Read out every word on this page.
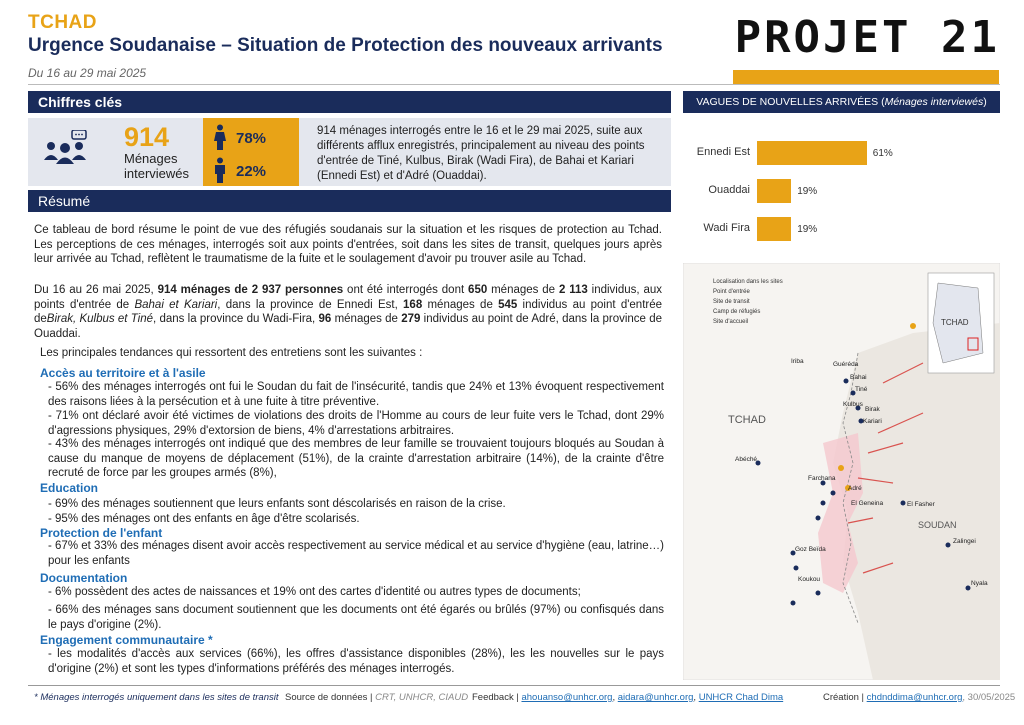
TCHAD
Urgence Soudanaise – Situation de Protection des nouveaux arrivants
Du 16 au 29 mai 2025
PROJET 21
Chiffres clés
914
Ménages interviewés
78%
22%
914 ménages interrogés entre le 16 et le 29 mai 2025, suite aux différents afflux enregistrés, principalement au niveau des points d'entrée de Tiné, Kulbus, Birak (Wadi Fira), de Bahai et Kariari (Ennedi Est) et d'Adré (Ouaddai).
Résumé
Ce tableau de bord résume le point de vue des réfugiés soudanais sur la situation et les risques de protection au Tchad. Les perceptions de ces ménages, interrogés soit aux points d'entrées, soit dans les sites de transit, quelques jours après leur arrivée au Tchad, reflètent le traumatisme de la fuite et le soulagement d'avoir pu trouver asile au Tchad.
Du 16 au 26 mai 2025, 914 ménages de 2 937 personnes ont été interrogés dont 650 ménages de 2 113 individus, aux points d'entrée de Bahai et Kariari, dans la province de Ennedi Est, 168 ménages de 545 individus au point d'entrée deBirak, Kulbus et Tiné, dans la province du Wadi-Fira, 96 ménages de 279 individus au point de Adré, dans la province de Ouaddai.
Les principales tendances qui ressortent des entretiens sont les suivantes :
Accès au territoire et à l'asile
- 56% des ménages interrogés ont fui le Soudan du fait de l'insécurité, tandis que 24% et 13% évoquent respectivement des raisons liées à la persécution et à une fuite à titre préventive.
- 71% ont déclaré avoir été victimes de violations des droits de l'Homme au cours de leur fuite vers le Tchad, dont 29% d'agressions physiques, 29% d'extorsion de biens, 4% d'arrestations arbitraires.
- 43% des ménages interrogés ont indiqué que des membres de leur famille se trouvaient toujours bloqués au Soudan à cause du manque de moyens de déplacement (51%), de la crainte d'arrestation arbitraire (14%), de la crainte d'être recruté de force par les groupes armés (8%),
Education
- 69% des ménages soutiennent que leurs enfants sont déscolarisés en raison de la crise.
- 95% des ménages ont des enfants en âge d'être scolarisés.
Protection de l'enfant
- 67% et 33% des ménages disent avoir accès respectivement au service médical et au service d'hygiène (eau, latrine…) pour les enfants
Documentation
- 6% possèdent des actes de naissances et 19% ont des cartes d'identité ou autres types de documents;
- 66% des ménages sans document soutiennent que les documents ont été égarés ou brûlés (97%) ou confisqués dans le pays d'origine (2%).
Engagement communautaire *
- les modalités d'accès aux services (66%), les offres d'assistance disponibles (28%), les les nouvelles sur le pays d'origine (2%) et sont les types d'informations préférés des ménages interrogés.
VAGUES DE NOUVELLES ARRIVÉES (Ménages interviewés)
Ennedi Est	61%
Ouaddai	19%
Wadi Fira	19%
TCHAD
TCHAD
SOUDAN
Localisation dans les sites
Point d'entrée
Site de transit
Camp de réfugiés
Site d'accueil
Bahai
Kariari
Tiné
Kulbus
Birak
Adré
Farchana
El Geneina
Abéché
Goz Beïda
Koukou
Iriba	Guéréda
El Fasher
Zalingei
Nyala
* Ménages interrogés uniquement dans les sites de transit Source de données | CRT, UNHCR, CIAUD Feedback | ahouanso@unhcr.org, aidara@unhcr.org, UNHCR Chad Dima	Création | chdnddima@unhcr.org, 30/05/2025
